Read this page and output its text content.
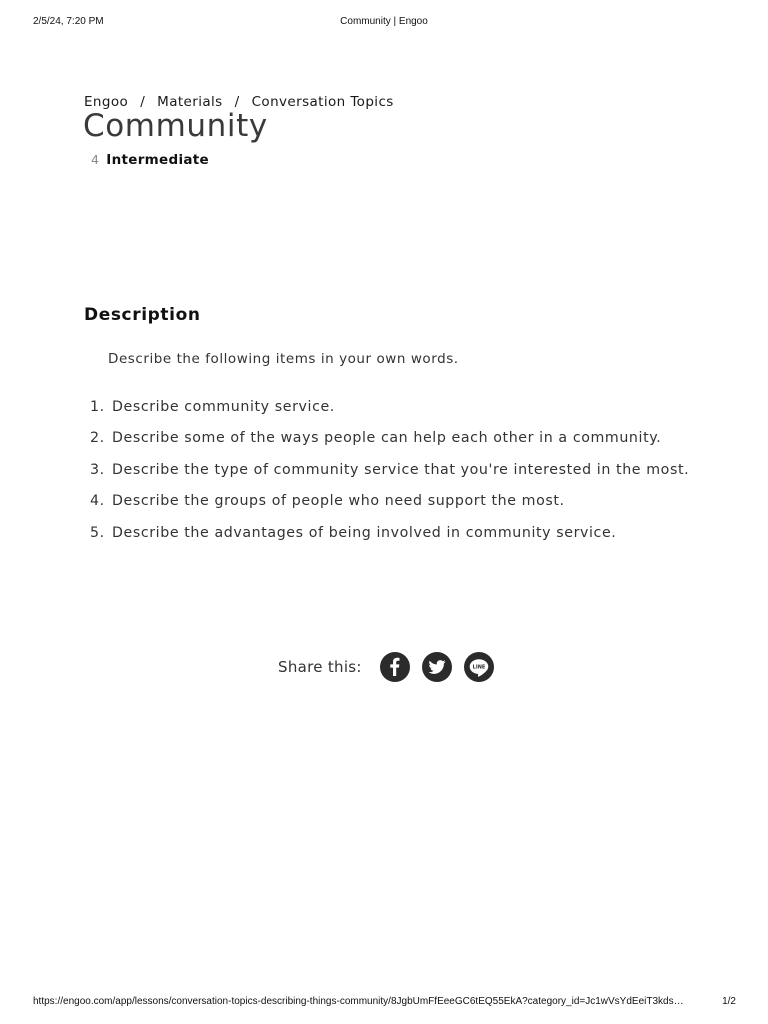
2/5/24, 7:20 PM	Community | Engoo
Engoo / Materials / Conversation Topics
Community
4 Intermediate
Description

Describe the following items in your own words.

1. Describe community service.
2. Describe some of the ways people can help each other in a community.
3. Describe the type of community service that you're interested in the most.
4. Describe the groups of people who need support the most.
5. Describe the advantages of being involved in community service.
Share this:	LINE
https://engoo.com/app/lessons/conversation-topics-describing-things-community/8JgbUmFfEeeGC6tEQ55EkA?category_id=Jc1wVsYdEeiT3kds…	1/2
